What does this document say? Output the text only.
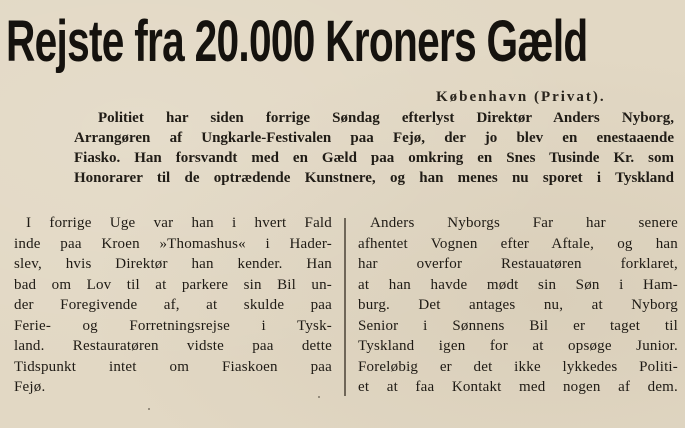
Rejste fra 20.000 Kroners Gæld
København (Privat).
Politiet har siden forrige Søndag efterlyst Direktør Anders Nyborg,
Arrangøren af Ungkarle-Festivalen paa Fejø, der jo blev en enestaaende
Fiasko. Han forsvandt med en Gæld paa omkring en Snes Tusinde Kr. som
Honorarer til de optrædende Kunstnere, og han menes nu sporet i Tyskland
I forrige Uge var han i hvert Fald
inde paa Kroen »Thomashus« i Hader-
slev, hvis Direktør han kender. Han
bad om Lov til at parkere sin Bil un-
der Foregivende af, at skulde paa
Ferie- og Forretningsrejse i Tysk-
land. Restauratøren vidste paa dette
Tidspunkt intet om Fiaskoen paa
Fejø.
Anders Nyborgs Far har senere
afhentet Vognen efter Aftale, og han
har overfor Restauatøren forklaret,
at han havde mødt sin Søn i Ham-
burg. Det antages nu, at Nyborg
Senior i Sønnens Bil er taget til
Tyskland igen for at opsøge Junior.
Foreløbig er det ikke lykkedes Politi-
et at faa Kontakt med nogen af dem.
